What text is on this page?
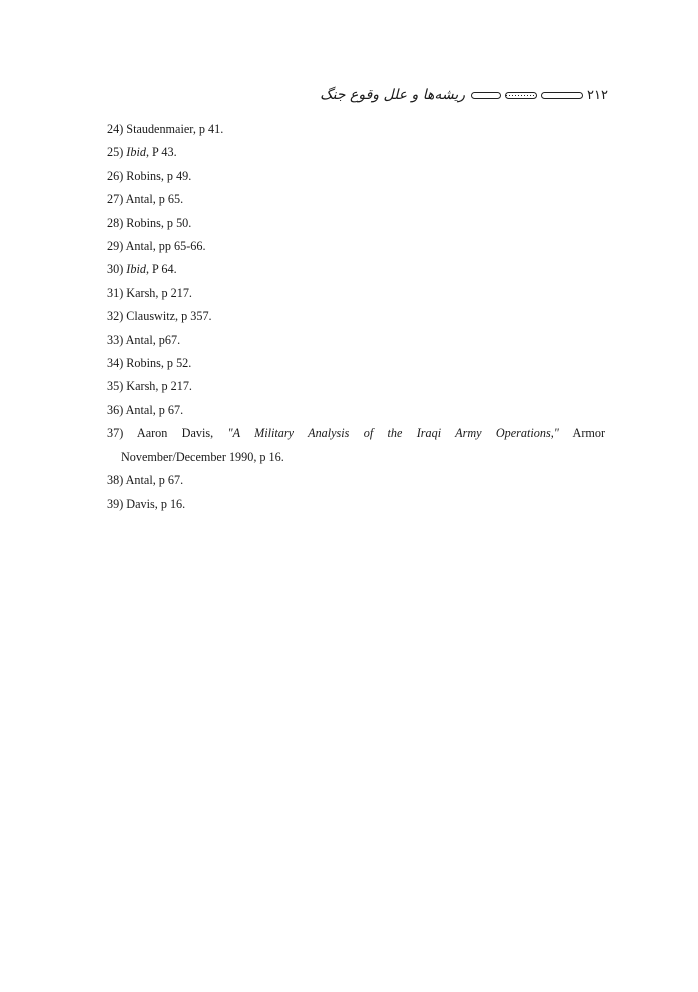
۲۱۲
ریشه‌ها و علل وقوع جنگ

24) Staudenmaier, p 41.

25) Ibid, P 43.

26) Robins, p 49.

27) Antal, p 65.

28) Robins, p 50.

29) Antal, pp 65-66.

30) Ibid, P 64.

31) Karsh, p 217.

32) Clauswitz, p 357.

33) Antal, p67.

34) Robins, p 52.

35) Karsh, p 217.

36) Antal, p 67.

37) Aaron Davis, "A Military Analysis of the Iraqi Army Operations," Armor

November/December 1990, p 16.

38) Antal, p 67.

39) Davis, p 16.
